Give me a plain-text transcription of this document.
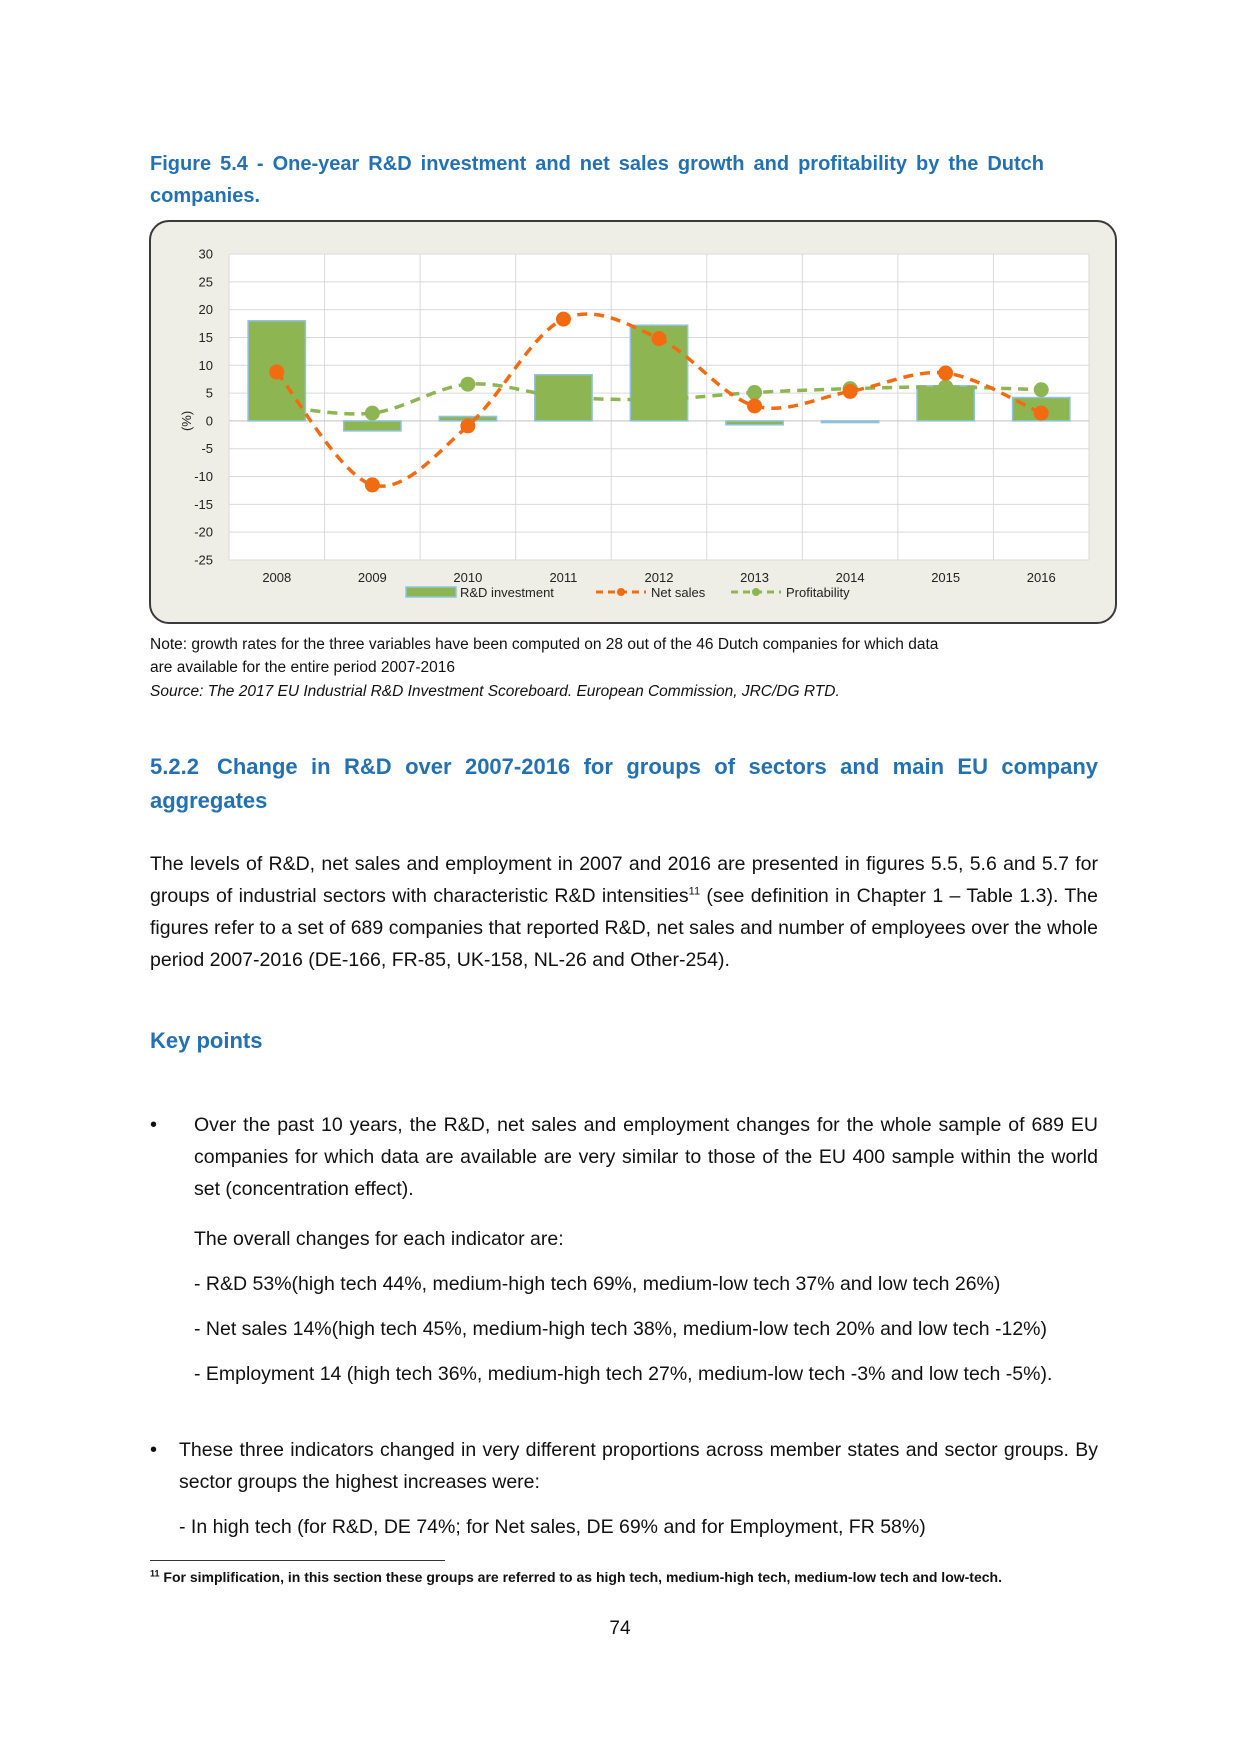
Figure 5.4 - One-year R&D investment and net sales growth and profitability by the Dutch companies.
30
25
20
15
10
5
0
-5
-10
-15
-20
-25
2008	2009	2010	2011	2012	2013	2014	2015	2016
(%)
R&D investment	Net sales	Profitability
Note: growth rates for the three variables have been computed on 28 out of the 46 Dutch companies for which data
are available for the entire period 2007-2016
Source: The 2017 EU Industrial R&D Investment Scoreboard. European Commission, JRC/DG RTD.
5.2.2 Change in R&D over 2007-2016 for groups of sectors and main EU company aggregates
The levels of R&D, net sales and employment in 2007 and 2016 are presented in figures 5.5, 5.6 and 5.7 for groups of industrial sectors with characteristic R&D intensities$^{11}$ (see definition in Chapter 1 – Table 1.3). The figures refer to a set of 689 companies that reported R&D, net sales and number of employees over the whole period 2007-2016 (DE-166, FR-85, UK-158, NL-26 and Other-254).
Key points
• Over the past 10 years, the R&D, net sales and employment changes for the whole sample of 689 EU companies for which data are available are very similar to those of the EU 400 sample within the world set (concentration effect).
The overall changes for each indicator are:
- R&D 53%(high tech 44%, medium-high tech 69%, medium-low tech 37% and low tech 26%)
- Net sales 14%(high tech 45%, medium-high tech 38%, medium-low tech 20% and low tech -12%)
- Employment 14 (high tech 36%, medium-high tech 27%, medium-low tech -3% and low tech -5%).
• These three indicators changed in very different proportions across member states and sector groups. By sector groups the highest increases were:
- In high tech (for R&D, DE 74%; for Net sales, DE 69% and for Employment, FR 58%)
$^{11}$ For simplification, in this section these groups are referred to as high tech, medium-high tech, medium-low tech and low-tech.
74
